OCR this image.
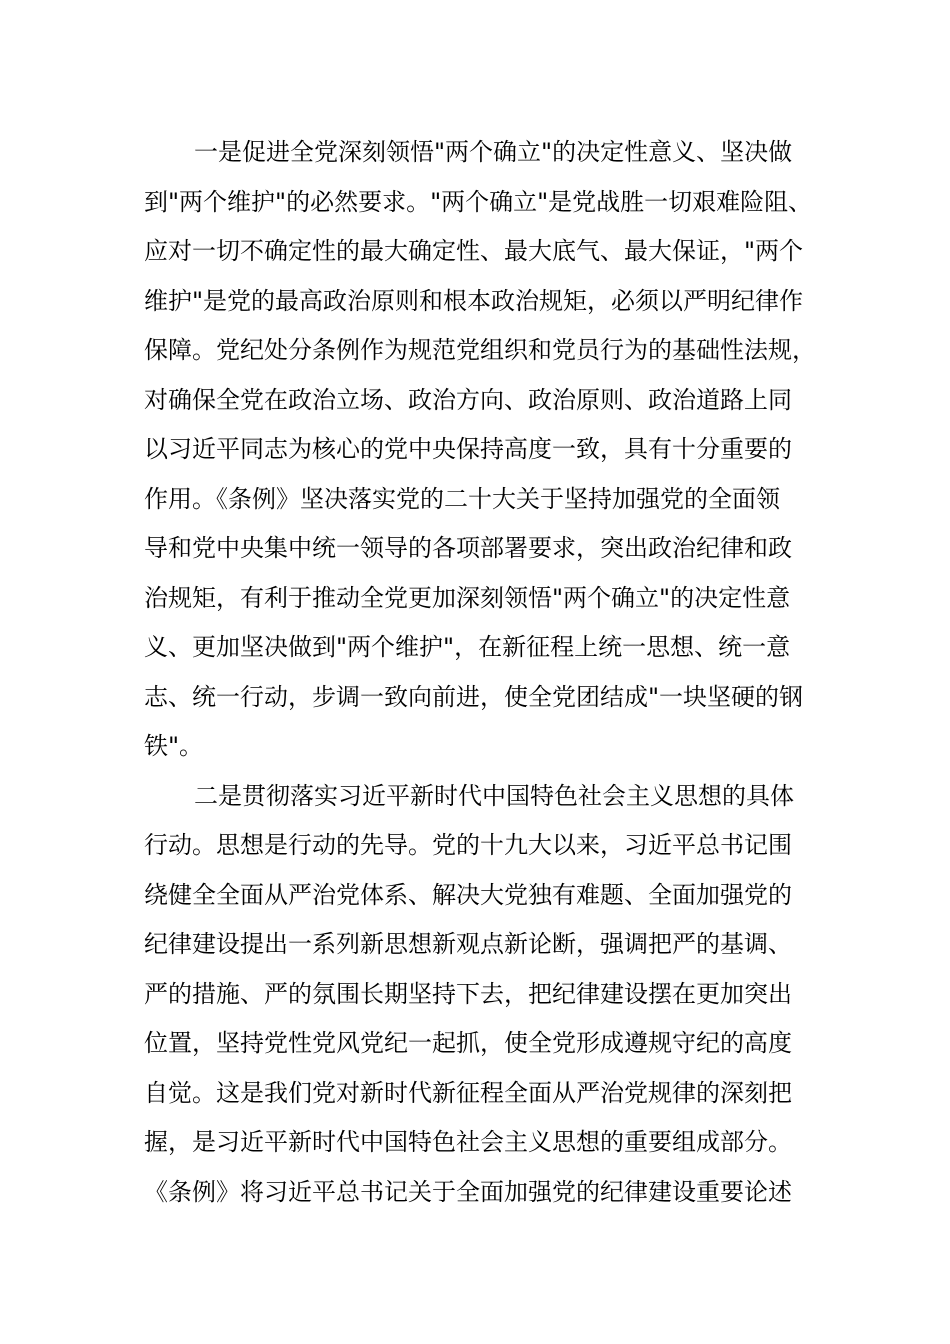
一是促进全党深刻领悟"两个确立"的决定性意义、坚决做
到"两个维护"的必然要求。"两个确立"是党战胜一切艰难险阻、
应对一切不确定性的最大确定性、最大底气、最大保证，"两个
维护"是党的最高政治原则和根本政治规矩，必须以严明纪律作
保障。党纪处分条例作为规范党组织和党员行为的基础性法规，
对确保全党在政治立场、政治方向、政治原则、政治道路上同
以习近平同志为核心的党中央保持高度一致，具有十分重要的
作用。《条例》坚决落实党的二十大关于坚持加强党的全面领
导和党中央集中统一领导的各项部署要求，突出政治纪律和政
治规矩，有利于推动全党更加深刻领悟"两个确立"的决定性意
义、更加坚决做到"两个维护"，在新征程上统一思想、统一意
志、统一行动，步调一致向前进，使全党团结成"一块坚硬的钢
铁"。
二是贯彻落实习近平新时代中国特色社会主义思想的具体
行动。思想是行动的先导。党的十九大以来，习近平总书记围
绕健全全面从严治党体系、解决大党独有难题、全面加强党的
纪律建设提出一系列新思想新观点新论断，强调把严的基调、
严的措施、严的氛围长期坚持下去，把纪律建设摆在更加突出
位置，坚持党性党风党纪一起抓，使全党形成遵规守纪的高度
自觉。这是我们党对新时代新征程全面从严治党规律的深刻把
握，是习近平新时代中国特色社会主义思想的重要组成部分。
《条例》将习近平总书记关于全面加强党的纪律建设重要论述
